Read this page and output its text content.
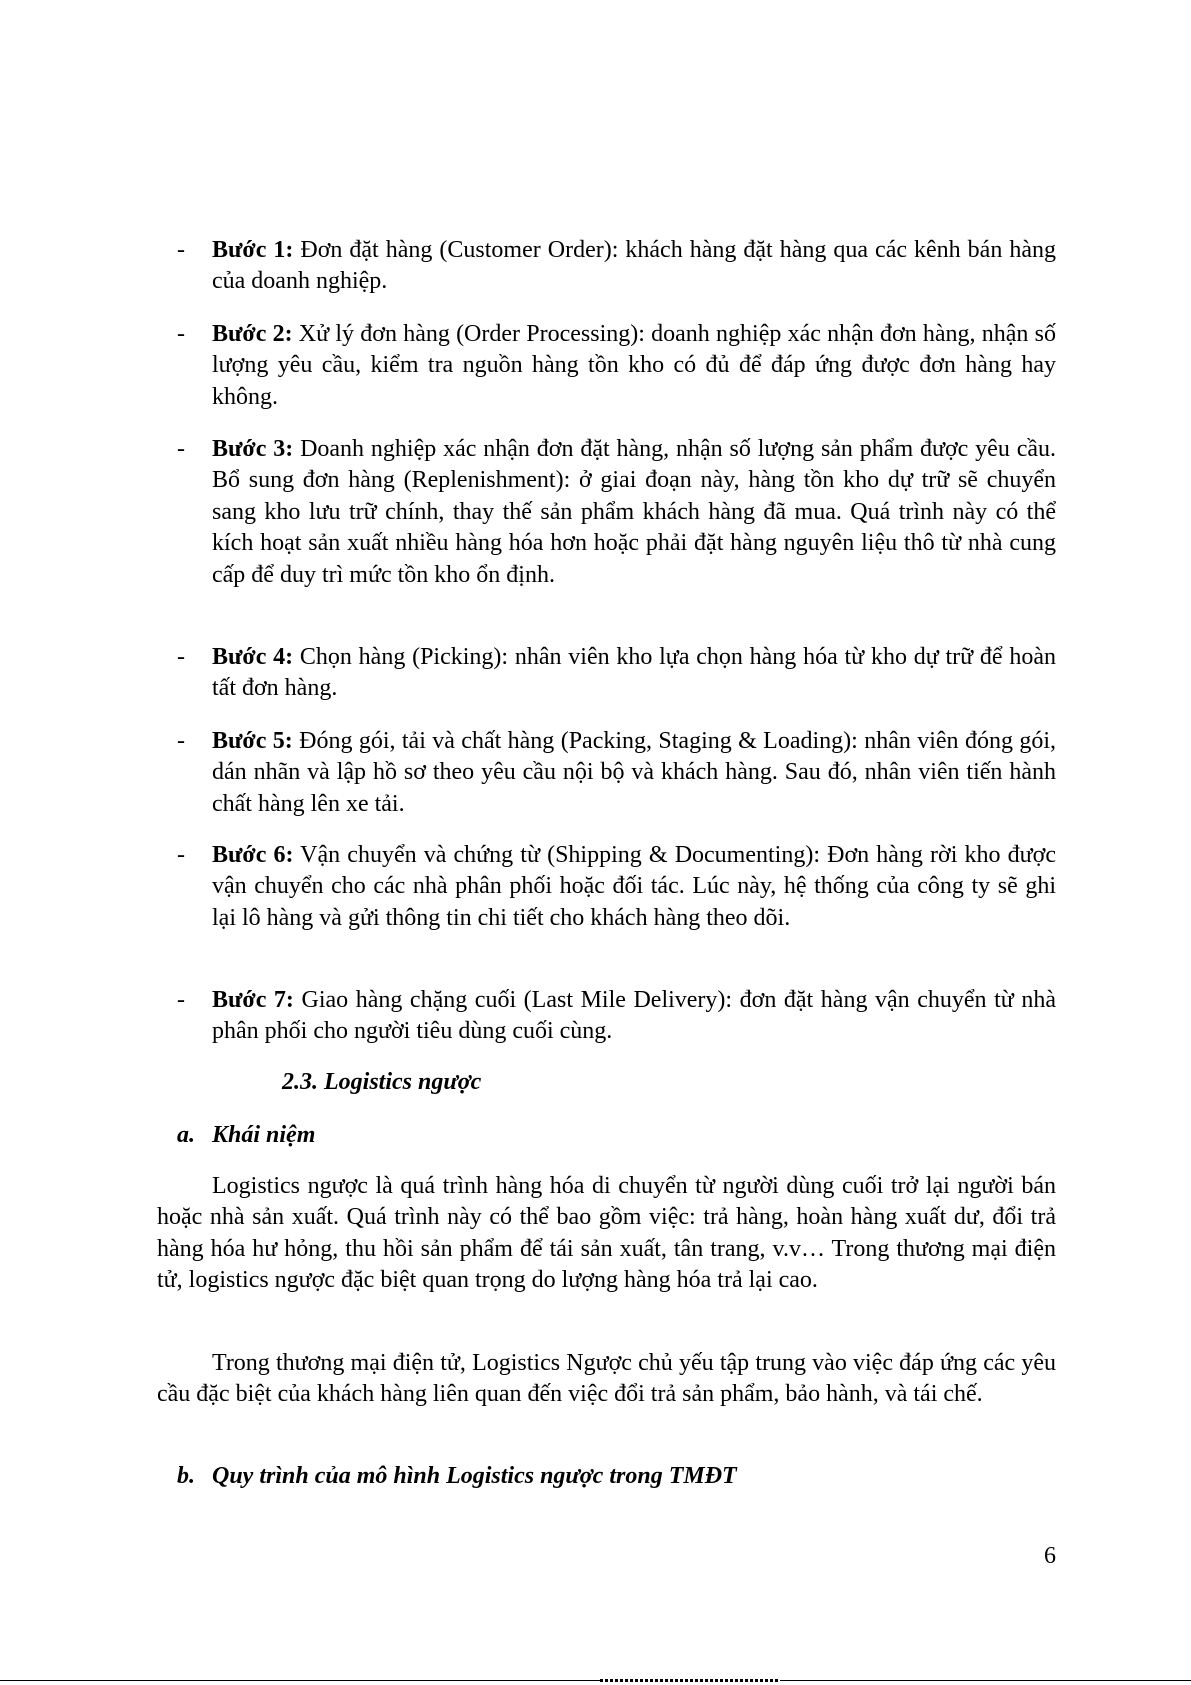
-	Bước 1: Đơn đặt hàng (Customer Order): khách hàng đặt hàng qua các kênh bán hàng của doanh nghiệp.
-	Bước 2: Xử lý đơn hàng (Order Processing): doanh nghiệp xác nhận đơn hàng, nhận số lượng yêu cầu, kiểm tra nguồn hàng tồn kho có đủ để đáp ứng được đơn hàng hay không.
-	Bước 3: Doanh nghiệp xác nhận đơn đặt hàng, nhận số lượng sản phẩm được yêu cầu. Bổ sung đơn hàng (Replenishment): ở giai đoạn này, hàng tồn kho dự trữ sẽ chuyển sang kho lưu trữ chính, thay thế sản phẩm khách hàng đã mua. Quá trình này có thể kích hoạt sản xuất nhiều hàng hóa hơn hoặc phải đặt hàng nguyên liệu thô từ nhà cung cấp để duy trì mức tồn kho ổn định.
-	Bước 4: Chọn hàng (Picking): nhân viên kho lựa chọn hàng hóa từ kho dự trữ để hoàn tất đơn hàng.
-	Bước 5: Đóng gói, tải và chất hàng (Packing, Staging & Loading): nhân viên đóng gói, dán nhãn và lập hồ sơ theo yêu cầu nội bộ và khách hàng. Sau đó, nhân viên tiến hành chất hàng lên xe tải.
-	Bước 6: Vận chuyển và chứng từ (Shipping & Documenting): Đơn hàng rời kho được vận chuyển cho các nhà phân phối hoặc đối tác. Lúc này, hệ thống của công ty sẽ ghi lại lô hàng và gửi thông tin chi tiết cho khách hàng theo dõi.
-	Bước 7: Giao hàng chặng cuối (Last Mile Delivery): đơn đặt hàng vận chuyển từ nhà phân phối cho người tiêu dùng cuối cùng.
2.3. Logistics ngược
a. Khái niệm
Logistics ngược là quá trình hàng hóa di chuyển từ người dùng cuối trở lại người bán hoặc nhà sản xuất. Quá trình này có thể bao gồm việc: trả hàng, hoàn hàng xuất dư, đổi trả hàng hóa hư hỏng, thu hồi sản phẩm để tái sản xuất, tân trang, v.v… Trong thương mại điện tử, logistics ngược đặc biệt quan trọng do lượng hàng hóa trả lại cao.
Trong thương mại điện tử, Logistics Ngược chủ yếu tập trung vào việc đáp ứng các yêu cầu đặc biệt của khách hàng liên quan đến việc đổi trả sản phẩm, bảo hành, và tái chế.
b. Quy trình của mô hình Logistics ngược trong TMĐT
6
